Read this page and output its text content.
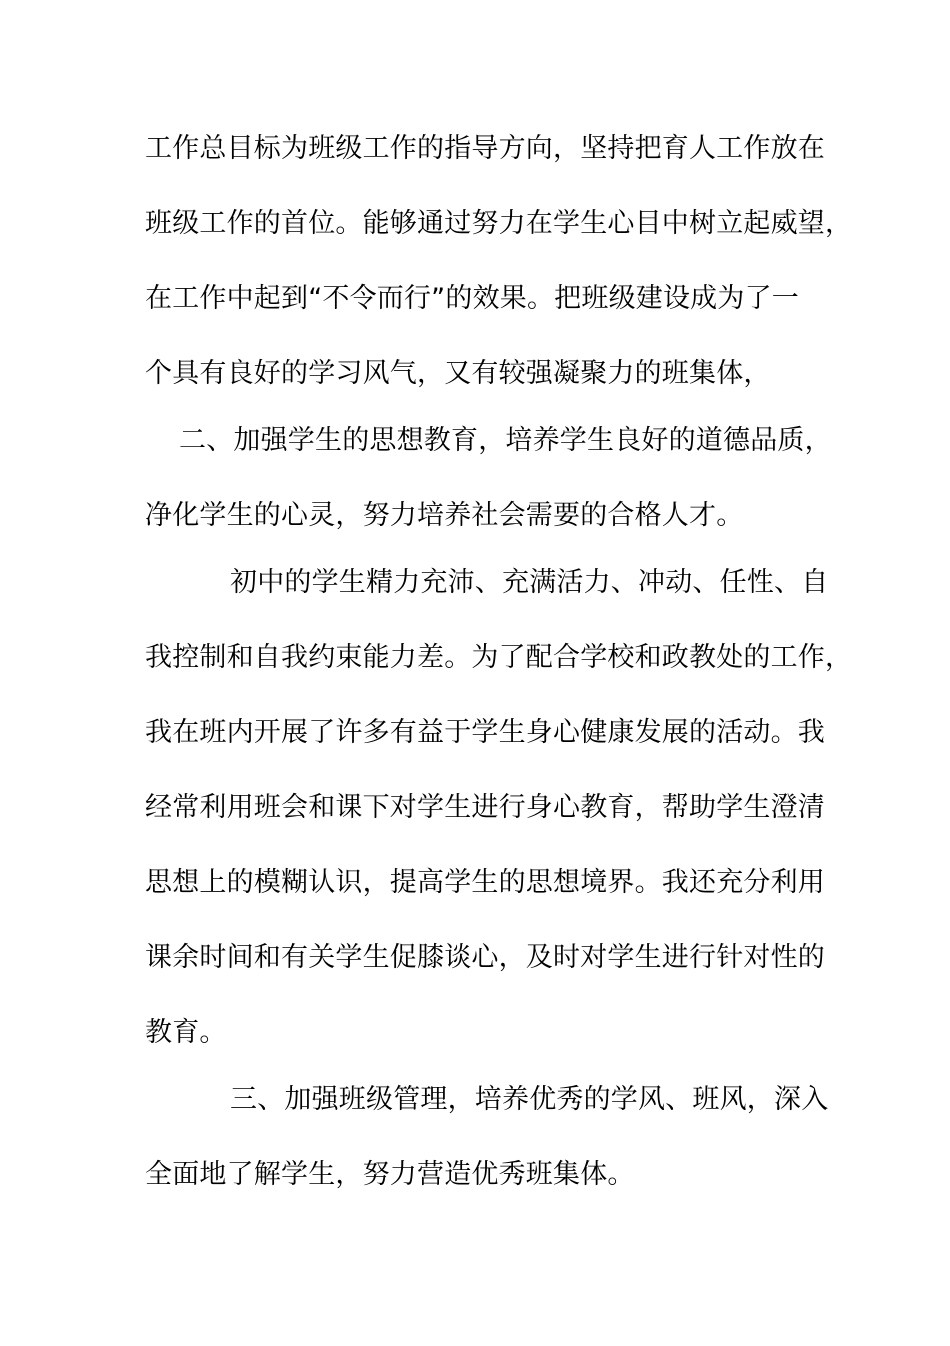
工作总目标为班级工作的指导方向，坚持把育人工作放在
班级工作的首位。能够通过努力在学生心目中树立起威望，
在工作中起到“不令而行”的效果。把班级建设成为了一
个具有良好的学习风气，又有较强凝聚力的班集体，
二、加强学生的思想教育，培养学生良好的道德品质，
净化学生的心灵，努力培养社会需要的合格人才。
初中的学生精力充沛、充满活力、冲动、任性、自
我控制和自我约束能力差。为了配合学校和政教处的工作，
我在班内开展了许多有益于学生身心健康发展的活动。我
经常利用班会和课下对学生进行身心教育，帮助学生澄清
思想上的模糊认识，提高学生的思想境界。我还充分利用
课余时间和有关学生促膝谈心，及时对学生进行针对性的
教育。
三、加强班级管理，培养优秀的学风、班风，深入
全面地了解学生，努力营造优秀班集体。
